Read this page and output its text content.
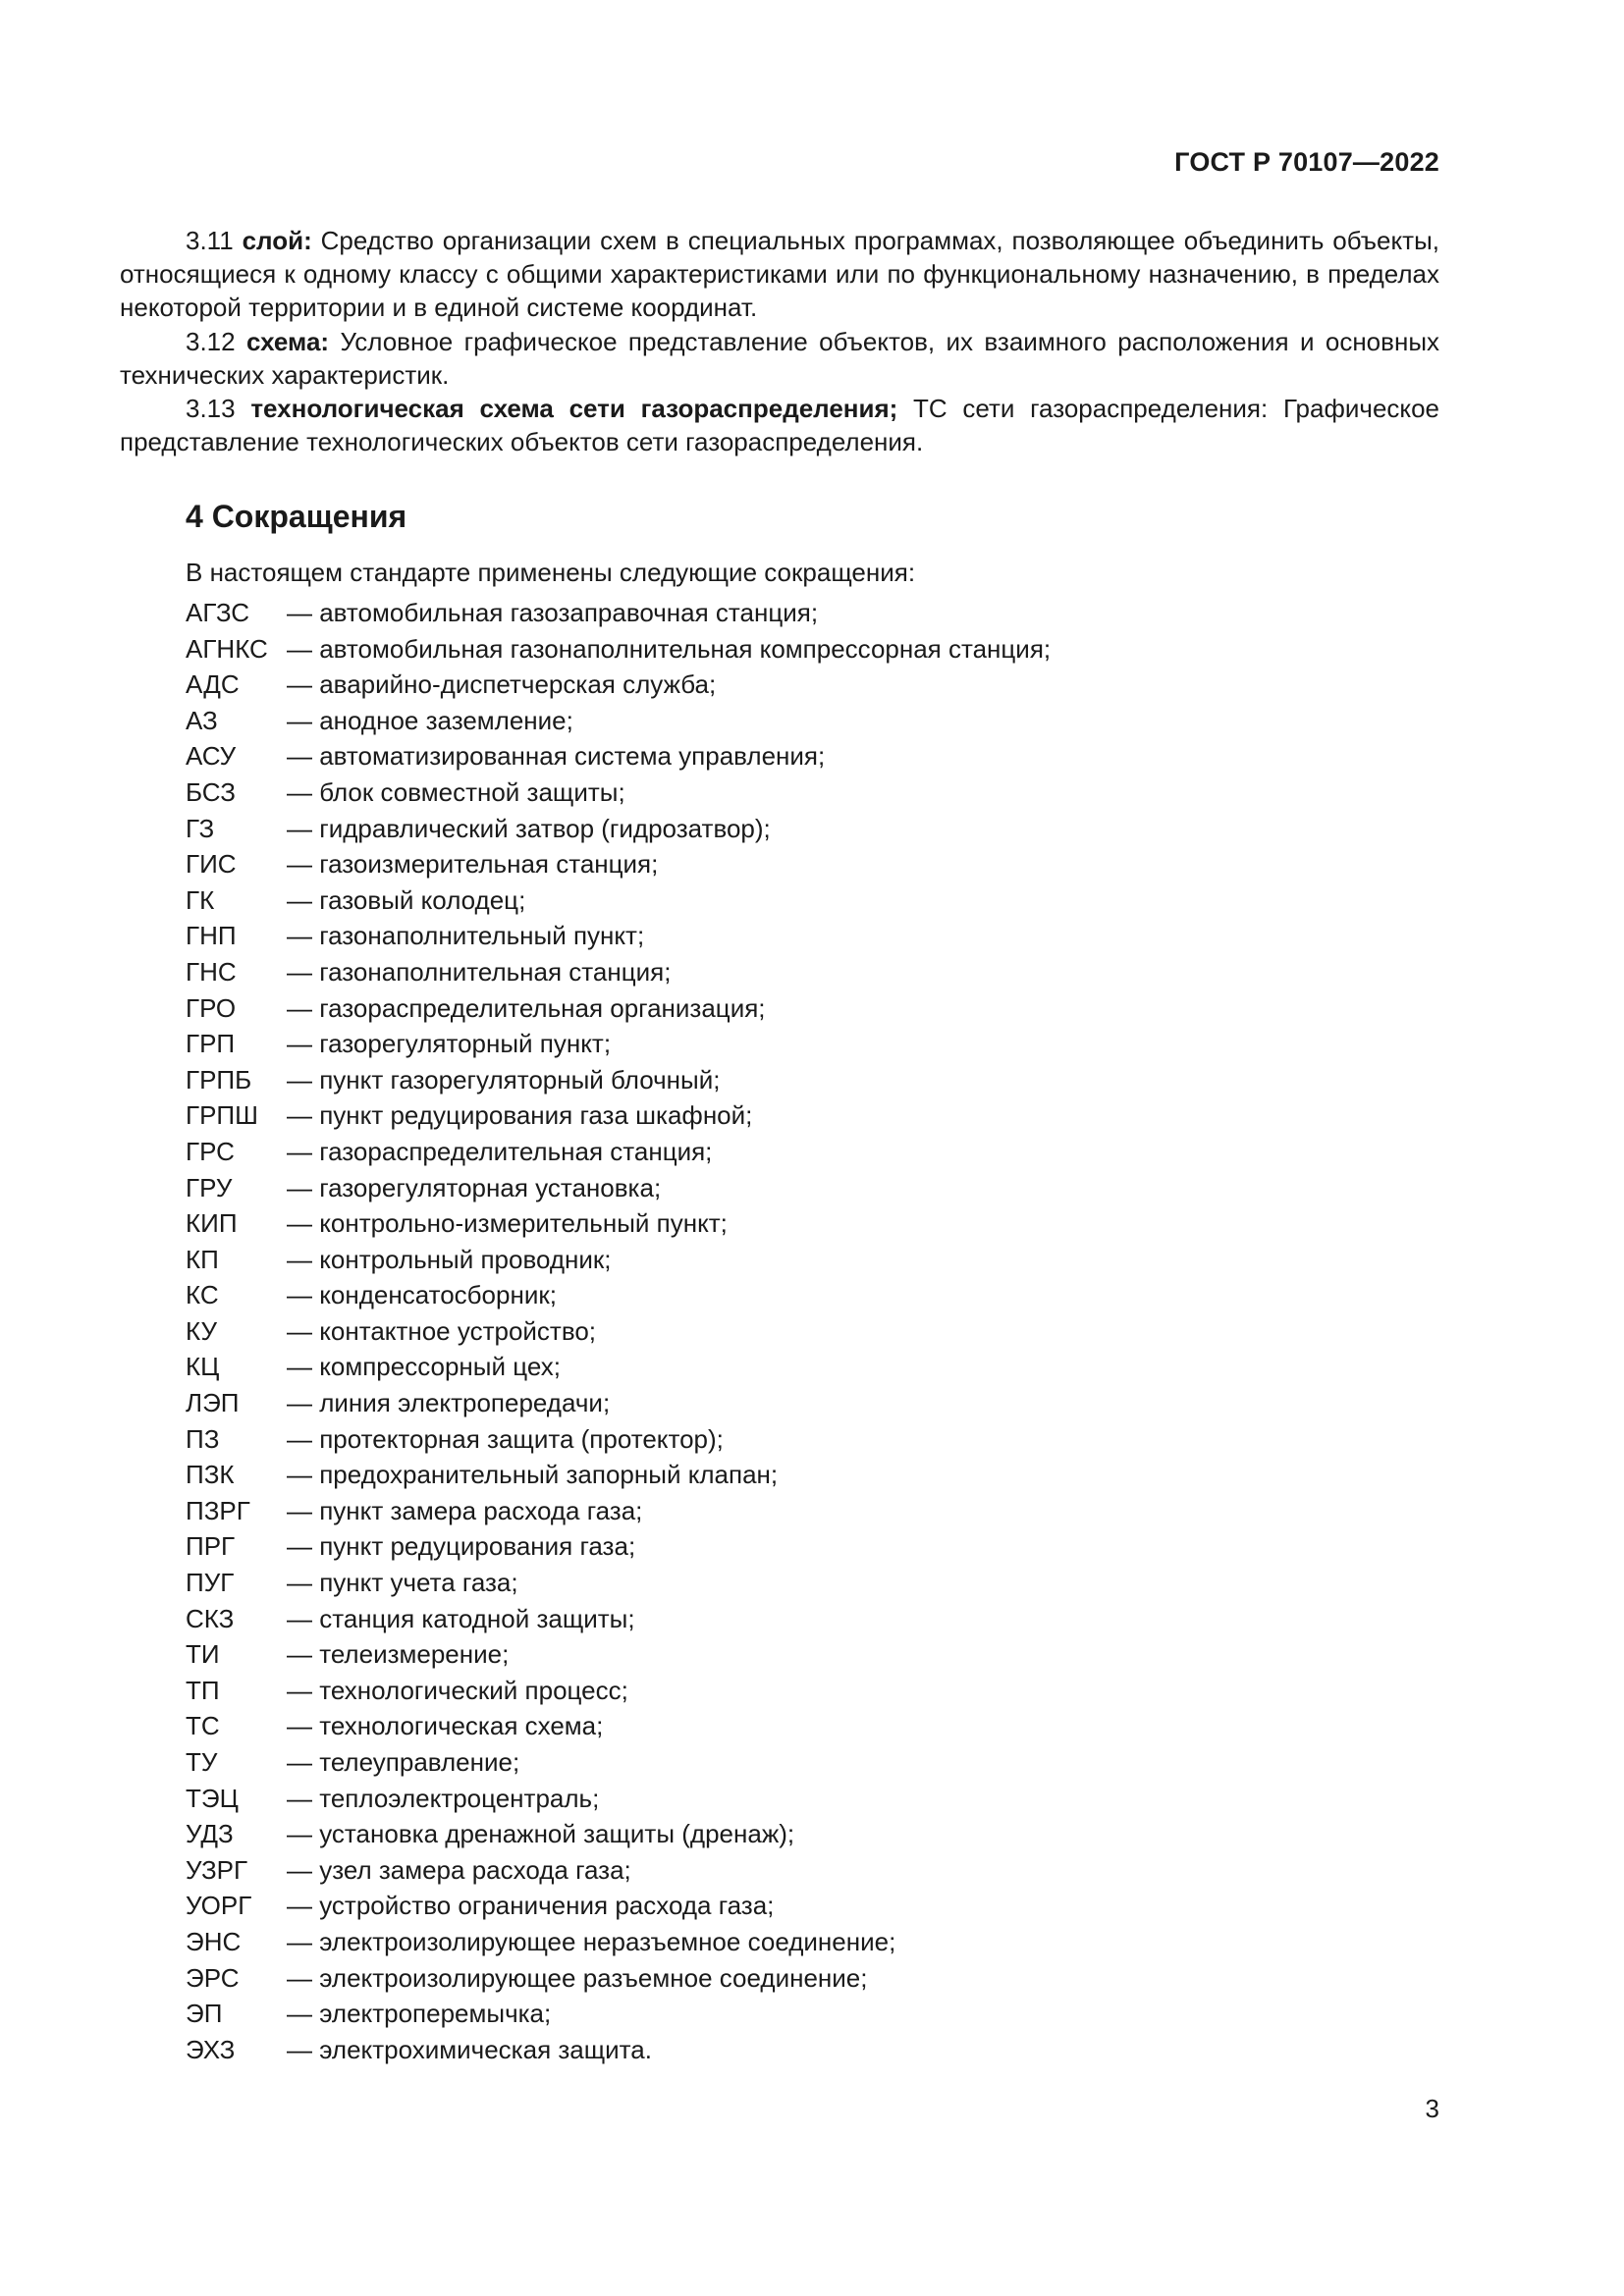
ГОСТ Р 70107—2022

3.11 слой: Средство организации схем в специальных программах, позволяющее объединить объекты, относящиеся к одному классу с общими характеристиками или по функциональному назначению, в пределах некоторой территории и в единой системе координат.

3.12 схема: Условное графическое представление объектов, их взаимного расположения и основных технических характеристик.

3.13 технологическая схема сети газораспределения; ТС сети газораспределения: Графическое представление технологических объектов сети газораспределения.

4 Сокращения

В настоящем стандарте применены следующие сокращения:

АГЗС — автомобильная газозаправочная станция;
АГНКС — автомобильная газонаполнительная компрессорная станция;
АДС — аварийно-диспетчерская служба;
АЗ	— анодное заземление;
АСУ — автоматизированная система управления;
БСЗ — блок совместной защиты;
ГЗ	— гидравлический затвор (гидрозатвор);
ГИС — газоизмерительная станция;
ГК	— газовый колодец;
ГНП — газонаполнительный пункт;
ГНС — газонаполнительная станция;
ГРО — газораспределительная организация;
ГРП — газорегуляторный пункт;
ГРПБ — пункт газорегуляторный блочный;
ГРПШ — пункт редуцирования газа шкафной;
ГРС — газораспределительная станция;
ГРУ — газорегуляторная установка;
КИП — контрольно-измерительный пункт;
КП	— контрольный проводник;
КС	— конденсатосборник;
КУ	— контактное устройство;
КЦ	— компрессорный цех;
ЛЭП — линия электропередачи;
ПЗ	— протекторная защита (протектор);
ПЗК — предохранительный запорный клапан;
ПЗРГ — пункт замера расхода газа;
ПРГ — пункт редуцирования газа;
ПУГ — пункт учета газа;
СКЗ — станция катодной защиты;
ТИ	— телеизмерение;
ТП	— технологический процесс;
ТС	— технологическая схема;
ТУ	— телеуправление;
ТЭЦ — теплоэлектроцентраль;
УДЗ — установка дренажной защиты (дренаж);
УЗРГ — узел замера расхода газа;
УОРГ — устройство ограничения расхода газа;
ЭНС — электроизолирующее неразъемное соединение;
ЭРС — электроизолирующее разъемное соединение;
ЭП	— электроперемычка;
ЭХЗ — электрохимическая защита.
3
